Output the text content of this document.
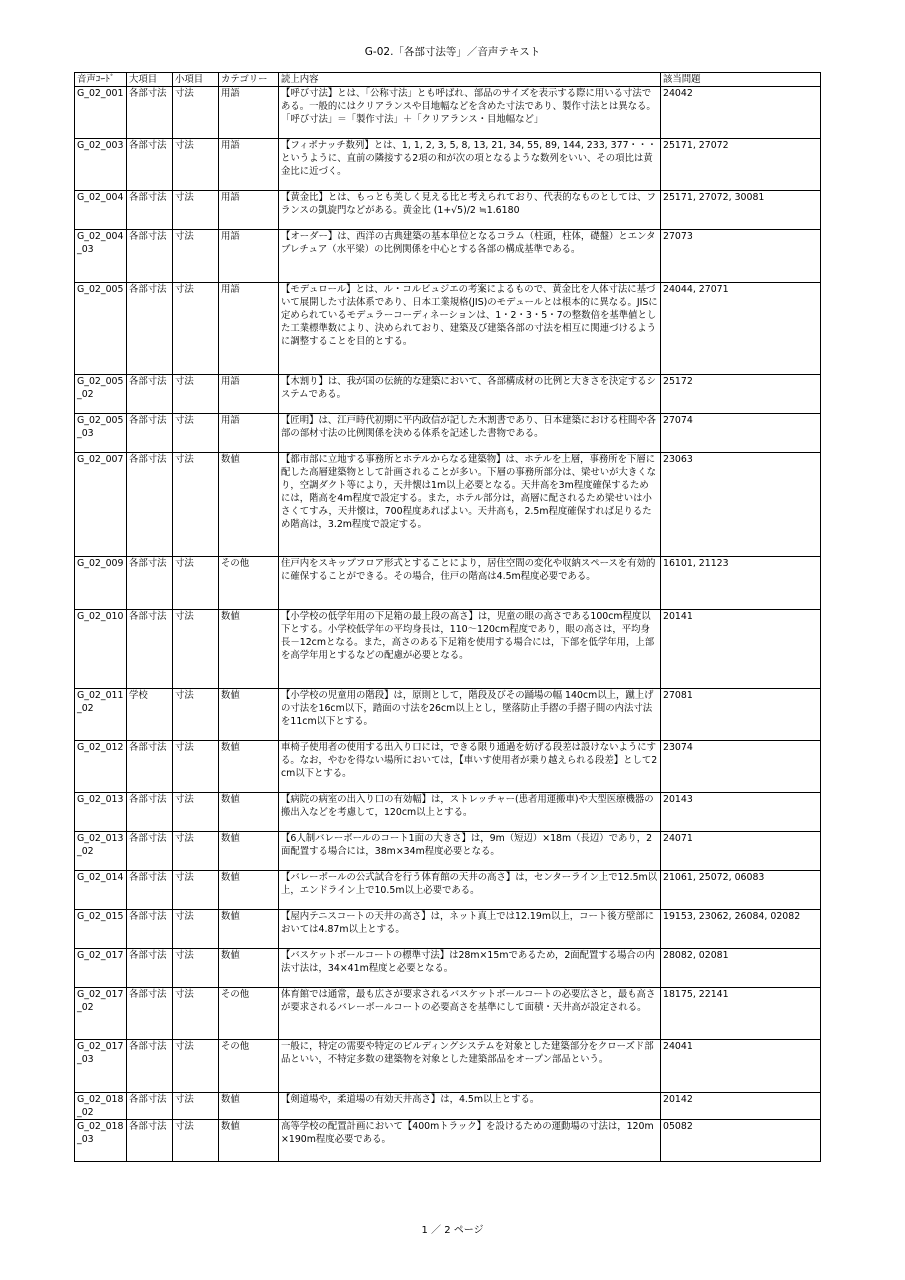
G-02.「各部寸法等」／音声テキスト
音声ｺｰﾄﾞ	大項目	小項目	カテゴリー	読上内容	該当問題
G_02_001	各部寸法	寸法	用語	【呼び寸法】とは、「公称寸法」とも呼ばれ、部品のサイズを表示する際に用いる寸法である。一般的にはクリアランスや目地幅などを含めた寸法であり、製作寸法とは異なる。「呼び寸法」＝「製作寸法」＋「クリアランス・目地幅など」	24042
G_02_003	各部寸法	寸法	用語	【フィボナッチ数列】とは、1, 1, 2, 3, 5, 8, 13, 21, 34, 55, 89, 144, 233, 377・・・というように、直前の隣接する2項の和が次の項となるような数列をいい、その項比は黄金比に近づく。	25171, 27072
G_02_004	各部寸法	寸法	用語	【黄金比】とは、もっとも美しく見える比と考えられており、代表的なものとしては、フランスの凱旋門などがある。黄金比 (1+√5)/2 ≒1.6180	25171, 27072, 30081
G_02_004_03	各部寸法	寸法	用語	【オーダー】は、西洋の古典建築の基本単位となるコラム（柱頭，柱体，礎盤）とエンタブレチュア（水平梁）の比例関係を中心とする各部の構成基準である。	27073
G_02_005	各部寸法	寸法	用語	【モデュロール】とは、ル・コルビュジエの考案によるもので、黄金比を人体寸法に基づいて展開した寸法体系であり、日本工業規格(JIS)のモデュールとは根本的に異なる。JISに定められているモデュラーコーディネーションは、1・2・3・5・7の整数倍を基準値とした工業標準数により、決められており、建築及び建築各部の寸法を相互に関連づけるように調整することを目的とする。	24044, 27071
G_02_005_02	各部寸法	寸法	用語	【木割り】は、我が国の伝統的な建築において、各部構成材の比例と大きさを決定するシステムである。	25172
G_02_005_03	各部寸法	寸法	用語	【匠明】は、江戸時代初期に平内政信が記した木割書であり、日本建築における柱間や各部の部材寸法の比例関係を決める体系を記述した書物である。	27074
G_02_007	各部寸法	寸法	数値	【都市部に立地する事務所とホテルからなる建築物】は、ホテルを上層，事務所を下層に配した高層建築物として計画されることが多い。下層の事務所部分は、梁せいが大きくなり，空調ダクト等により，天井懐は1m以上必要となる。天井高を3m程度確保するためには，階高を4m程度で設定する。また，ホテル部分は，高層に配されるため梁せいは小さくてすみ，天井懐は，700程度あればよい。天井高も，2.5m程度確保すれば足りるため階高は，3.2m程度で設定する。	23063
G_02_009	各部寸法	寸法	その他	住戸内をスキップフロア形式とすることにより，居住空間の変化や収納スペースを有効的に確保することができる。その場合，住戸の階高は4.5m程度必要である。	16101, 21123
G_02_010	各部寸法	寸法	数値	【小学校の低学年用の下足箱の最上段の高さ】は，児童の眼の高さである100cm程度以下とする。小学校低学年の平均身長は，110～120cm程度であり，眼の高さは，平均身長－12cmとなる。また，高さのある下足箱を使用する場合には，下部を低学年用，上部を高学年用とするなどの配慮が必要となる。	20141
G_02_011_02	学校	寸法	数値	【小学校の児童用の階段】は，原則として，階段及びその踊場の幅 140cm以上，蹴上げの寸法を16cm以下，踏面の寸法を26cm以上とし，墜落防止手摺の手摺子間の内法寸法を11cm以下とする。	27081
G_02_012	各部寸法	寸法	数値	車椅子使用者の使用する出入り口には，できる限り通過を妨げる段差は設けないようにする。なお，やむを得ない場所においては，【車いす使用者が乗り越えられる段差】として2cm以下とする。	23074
G_02_013	各部寸法	寸法	数値	【病院の病室の出入り口の有効幅】は，ストレッチャー(患者用運搬車)や大型医療機器の搬出入などを考慮して，120cm以上とする。	20143
G_02_013_02	各部寸法	寸法	数値	【6人制バレーボールのコート1面の大きさ】は，9m（短辺）×18m（長辺）であり，2面配置する場合には，38m×34m程度必要となる。	24071
G_02_014	各部寸法	寸法	数値	【バレーボールの公式試合を行う体育館の天井の高さ】は，センターライン上で12.5m以上，エンドライン上で10.5m以上必要である。	21061, 25072, 06083
G_02_015	各部寸法	寸法	数値	【屋内テニスコートの天井の高さ】は，ネット真上では12.19m以上，コート後方壁部においては4.87m以上とする。	19153, 23062, 26084, 02082
G_02_017	各部寸法	寸法	数値	【バスケットボールコートの標準寸法】は28m×15mであるため，2面配置する場合の内法寸法は，34×41m程度と必要となる。	28082, 02081
G_02_017_02	各部寸法	寸法	その他	体育館では通常，最も広さが要求されるバスケットボールコートの必要広さと，最も高さが要求されるバレーボールコートの必要高さを基準にして面積・天井高が設定される。	18175, 22141
G_02_017_03	各部寸法	寸法	その他	一般に，特定の需要や特定のビルディングシステムを対象とした建築部分をクローズド部品といい，不特定多数の建築物を対象とした建築部品をオープン部品という。	24041
G_02_018_02	各部寸法	寸法	数値	【剣道場や，柔道場の有効天井高さ】は，4.5m以上とする。	20142
G_02_018_03	各部寸法	寸法	数値	高等学校の配置計画において【400mトラック】を設けるための運動場の寸法は，120m×190m程度必要である。	05082
1 ／ 2 ページ
